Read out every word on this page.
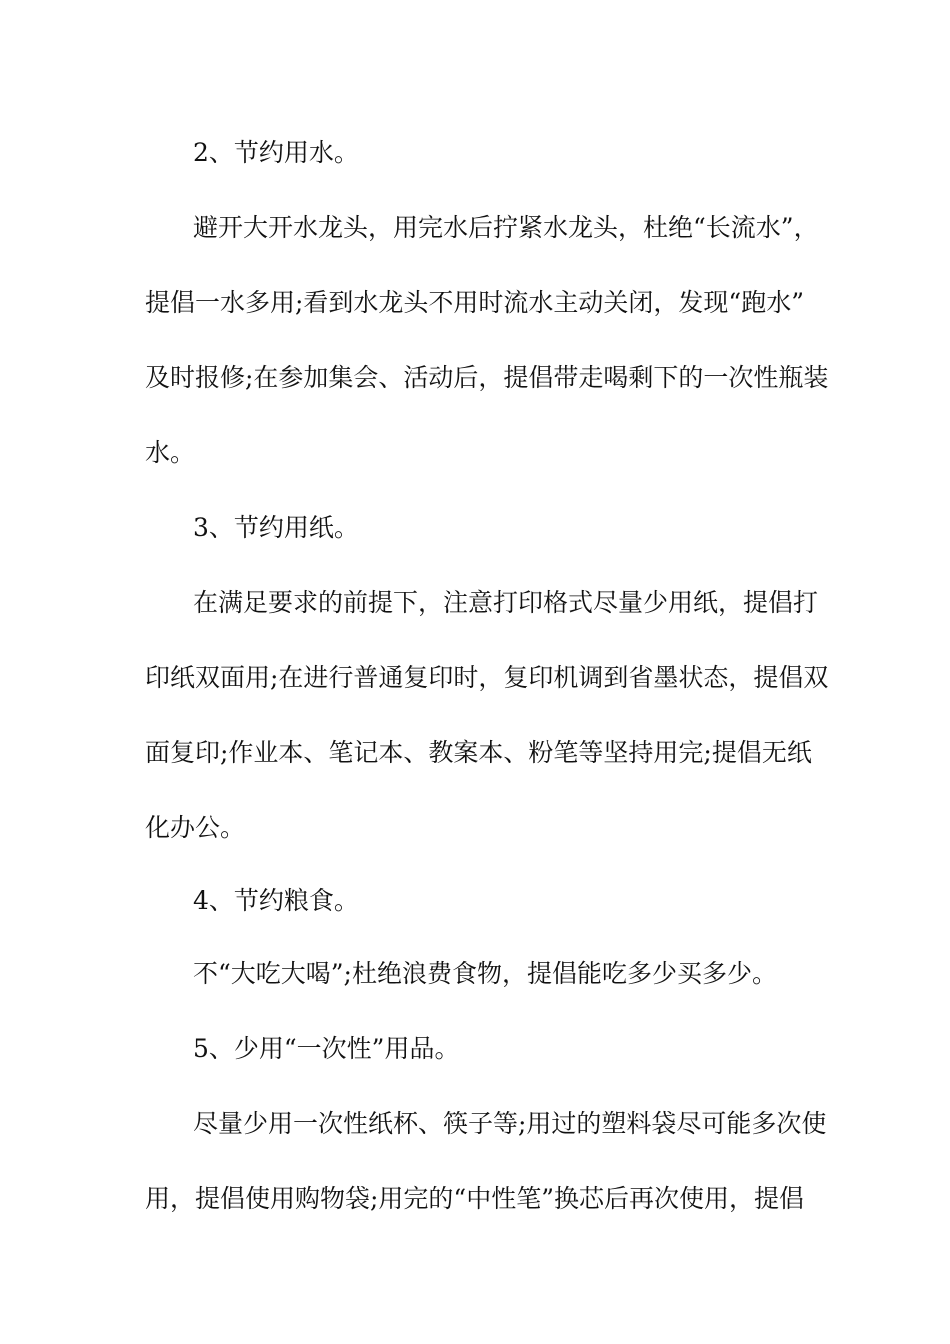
2、节约用水。
避开大开水龙头，用完水后拧紧水龙头，杜绝“长流水”，
提倡一水多用;看到水龙头不用时流水主动关闭，发现“跑水”
及时报修;在参加集会、活动后，提倡带走喝剩下的一次性瓶装
水。
3、节约用纸。
在满足要求的前提下，注意打印格式尽量少用纸，提倡打
印纸双面用;在进行普通复印时，复印机调到省墨状态，提倡双
面复印;作业本、笔记本、教案本、粉笔等坚持用完;提倡无纸
化办公。
4、节约粮食。
不“大吃大喝”;杜绝浪费食物，提倡能吃多少买多少。
5、少用“一次性”用品。
尽量少用一次性纸杯、筷子等;用过的塑料袋尽可能多次使
用，提倡使用购物袋;用完的“中性笔”换芯后再次使用，提倡
